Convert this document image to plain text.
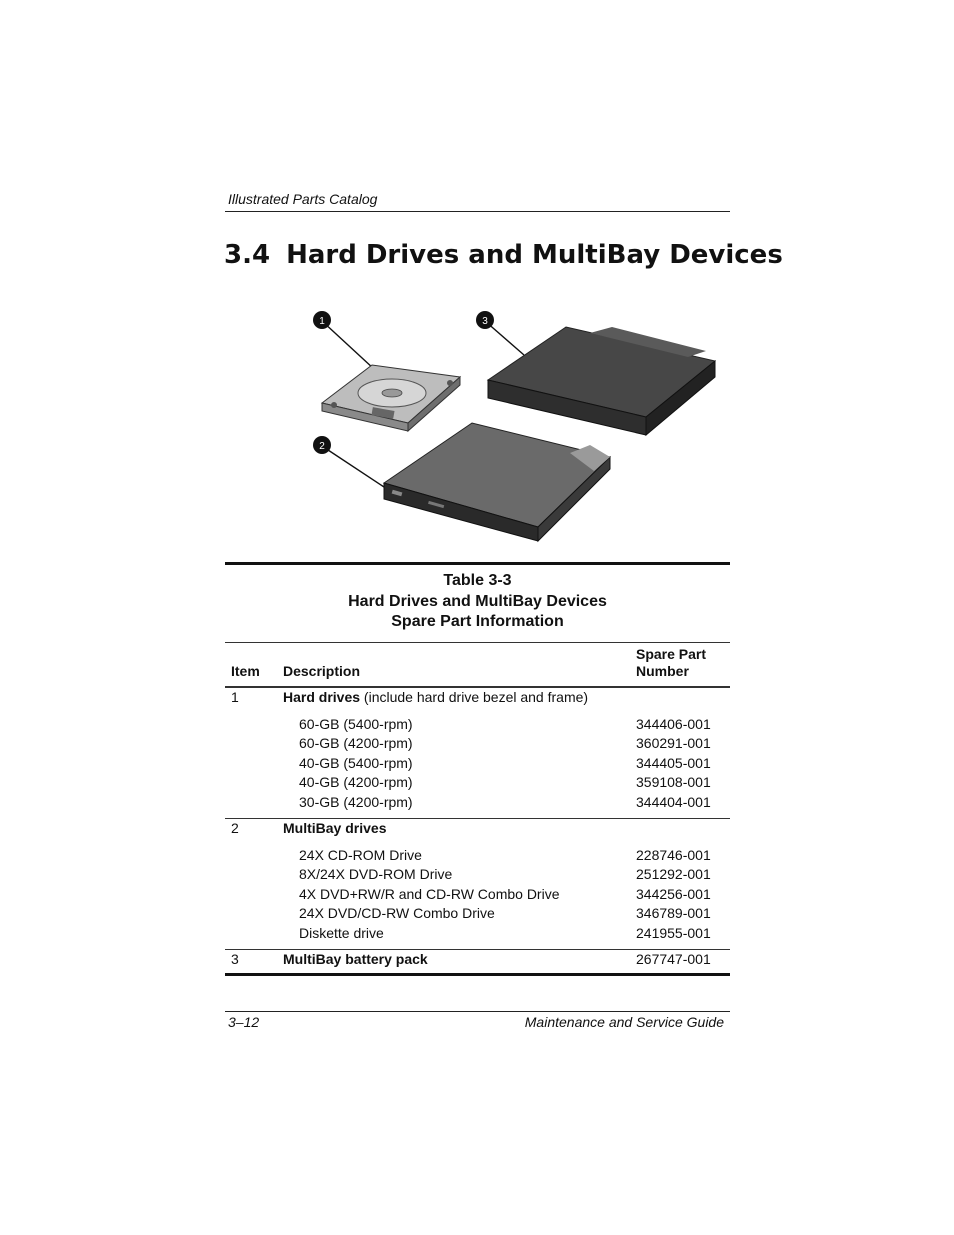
Illustrated Parts Catalog
3.4 Hard Drives and MultiBay Devices
1	3
2
Table 3-3
Hard Drives and MultiBay Devices
Spare Part Information
Item Description
Spare Part
Number
1	Hard drives (include hard drive bezel and frame)
60-GB (5400-rpm)	344406-001
60-GB (4200-rpm)	360291-001
40-GB (5400-rpm)	344405-001
40-GB (4200-rpm)	359108-001
30-GB (4200-rpm)	344404-001
2	MultiBay drives
24X CD-ROM Drive	228746-001
8X/24X DVD-ROM Drive	251292-001
4X DVD+RW/R and CD-RW Combo Drive	344256-001
24X DVD/CD-RW Combo Drive	346789-001
Diskette drive	241955-001
3	MultiBay battery pack	267747-001
3–12	Maintenance and Service Guide
